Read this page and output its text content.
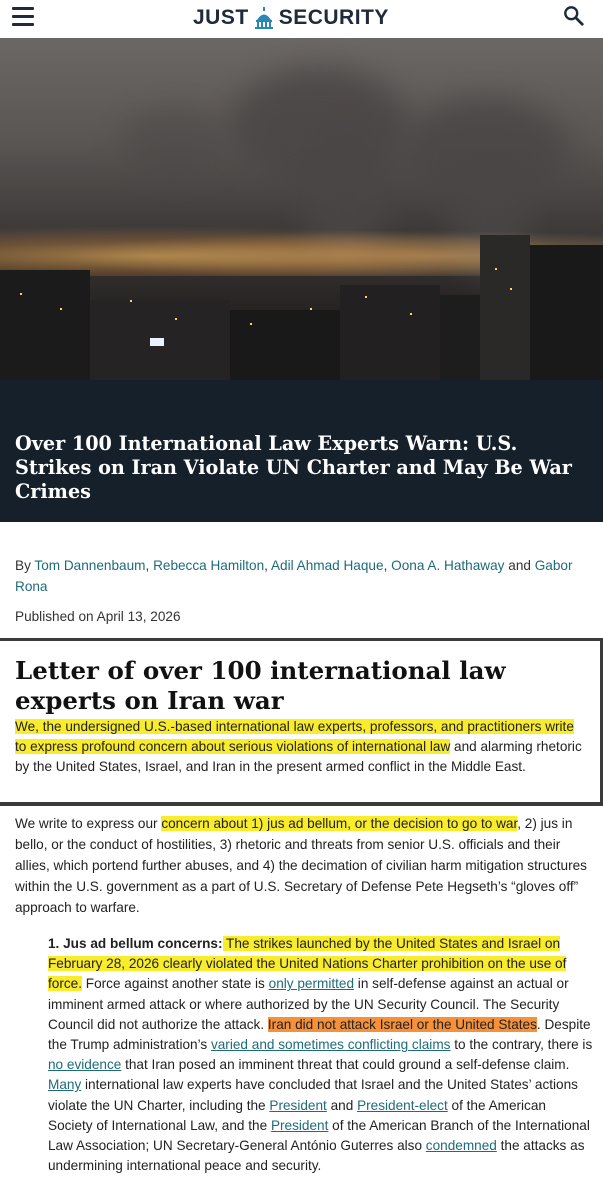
JUST SECURITY
Over 100 International Law Experts Warn: U.S. Strikes on Iran Violate UN Charter and May Be War Crimes
By Tom Dannenbaum, Rebecca Hamilton, Adil Ahmad Haque, Oona A. Hathaway and Gabor Rona
Published on April 13, 2026
Letter of over 100 international law experts on Iran war

We, the undersigned U.S.-based international law experts, professors, and practitioners write to express profound concern about serious violations of international law and alarming rhetoric by the United States, Israel, and Iran in the present armed conflict in the Middle East.

We write to express our concern about 1) jus ad bellum, or the decision to go to war, 2) jus in bello, or the conduct of hostilities, 3) rhetoric and threats from senior U.S. officials and their allies, which portend further abuses, and 4) the decimation of civilian harm mitigation structures within the U.S. government as a part of U.S. Secretary of Defense Pete Hegseth’s “gloves off” approach to warfare.

1. Jus ad bellum concerns: The strikes launched by the United States and Israel on February 28, 2026 clearly violated the United Nations Charter prohibition on the use of force. Force against another state is only permitted in self-defense against an actual or imminent armed attack or where authorized by the UN Security Council. The Security Council did not authorize the attack. Iran did not attack Israel or the United States. Despite the Trump administration’s varied and sometimes conflicting claims to the contrary, there is no evidence that Iran posed an imminent threat that could ground a self-defense claim. Many international law experts have concluded that Israel and the United States’ actions violate the UN Charter, including the President and President-elect of the American Society of International Law, and the President of the American Branch of the International Law Association; UN Secretary-General António Guterres also condemned the attacks as undermining international peace and security.
